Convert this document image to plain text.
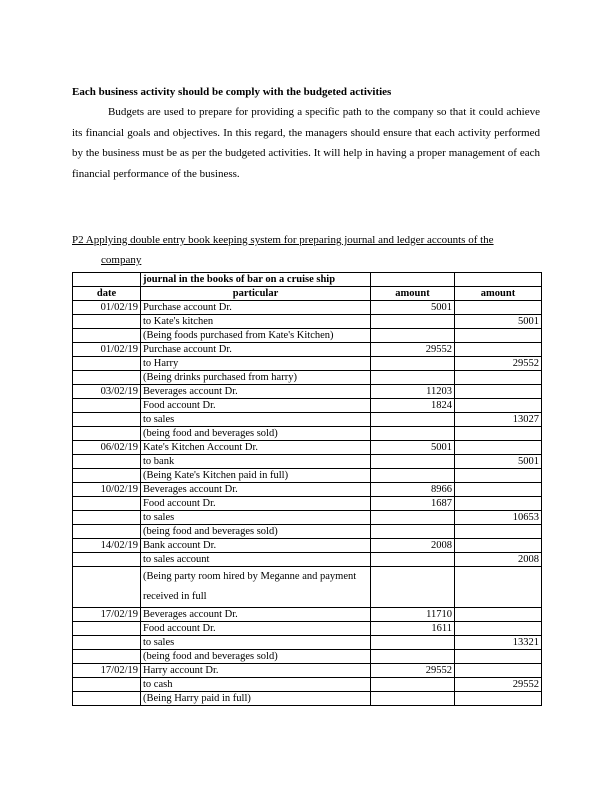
Each business activity should be comply with the budgeted activities

Budgets are used to prepare for providing a specific path to the company so that it could achieve its financial goals and objectives. In this regard, the managers should ensure that each activity performed by the business must be as per the budgeted activities. It will help in having a proper management of each financial performance of the business.

P2 Applying double entry book keeping system for preparing journal and ledger accounts of the
company
	journal in the books of bar on a cruise ship		
date	particular	amount	amount
01/02/19	Purchase account Dr.	5001	
	to Kate's kitchen		5001
	(Being foods purchased from Kate's Kitchen)		
01/02/19	Purchase account Dr.	29552	
	to Harry		29552
	(Being drinks purchased from harry)		
03/02/19	Beverages account Dr.	11203	
	Food account Dr.	1824	
	to sales		13027
	(being food and beverages sold)		
06/02/19	Kate's Kitchen Account Dr.	5001	
	to bank		5001
	(Being Kate's Kitchen paid in full)		
10/02/19	Beverages account Dr.	8966	
	Food account Dr.	1687	
	to sales		10653
	(being food and beverages sold)		
14/02/19	Bank account Dr.	2008	
	to sales account		2008
	(Being party room hired by Meganne and payment received in full		
17/02/19	Beverages account Dr.	11710	
	Food account Dr.	1611	
	to sales		13321
	(being food and beverages sold)		
17/02/19	Harry account Dr.	29552	
	to cash		29552
	(Being Harry paid in full)		
